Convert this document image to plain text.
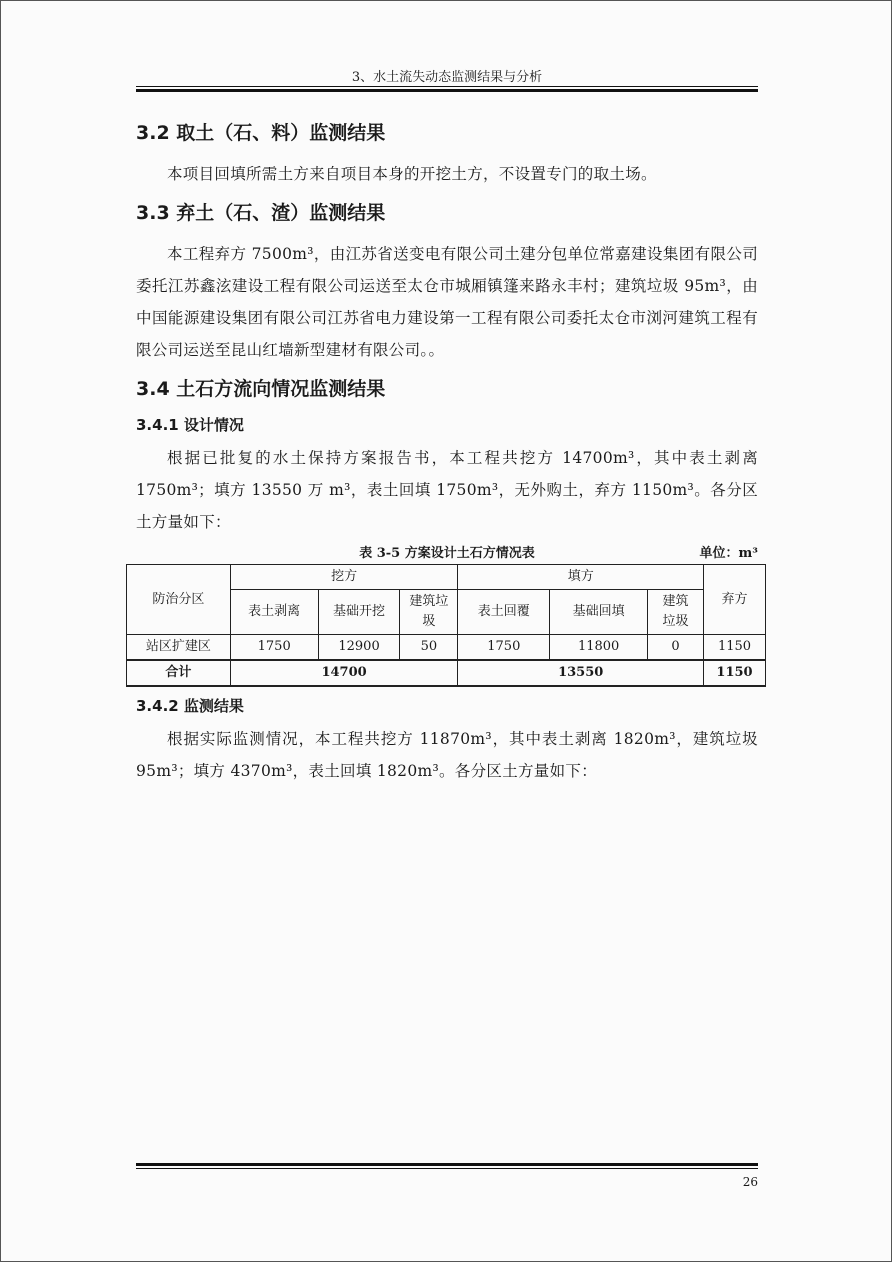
3、水土流失动态监测结果与分析
3.2 取土（石、料）监测结果

本项目回填所需土方来自项目本身的开挖土方，不设置专门的取土场。

3.3 弃土（石、渣）监测结果

本工程弃方 7500m³，由江苏省送变电有限公司土建分包单位常嘉建设集团有限公司委托江苏鑫泫建设工程有限公司运送至太仓市城厢镇篷来路永丰村；建筑垃圾 95m³，由中国能源建设集团有限公司江苏省电力建设第一工程有限公司委托太仓市浏河建筑工程有限公司运送至昆山红墙新型建材有限公司。。

3.4 土石方流向情况监测结果
3.4.1 设计情况

根据已批复的水土保持方案报告书，本工程共挖方 14700m³，其中表土剥离 1750m³；填方 13550 万 m³，表土回填 1750m³，无外购土，弃方 1150m³。各分区土方量如下：

表 3-5 方案设计土石方情况表	单位：m³
防治分区	挖方			填方			弃方
	表土剥离	基础开挖	建筑垃圾	表土回覆	基础回填	建筑垃圾	
站区扩建区	1750	12900	50	1750	11800	0	1150
合计	14700			13550			1150
3.4.2 监测结果

根据实际监测情况，本工程共挖方 11870m³，其中表土剥离 1820m³，建筑垃圾 95m³；填方 4370m³，表土回填 1820m³。各分区土方量如下：

26
